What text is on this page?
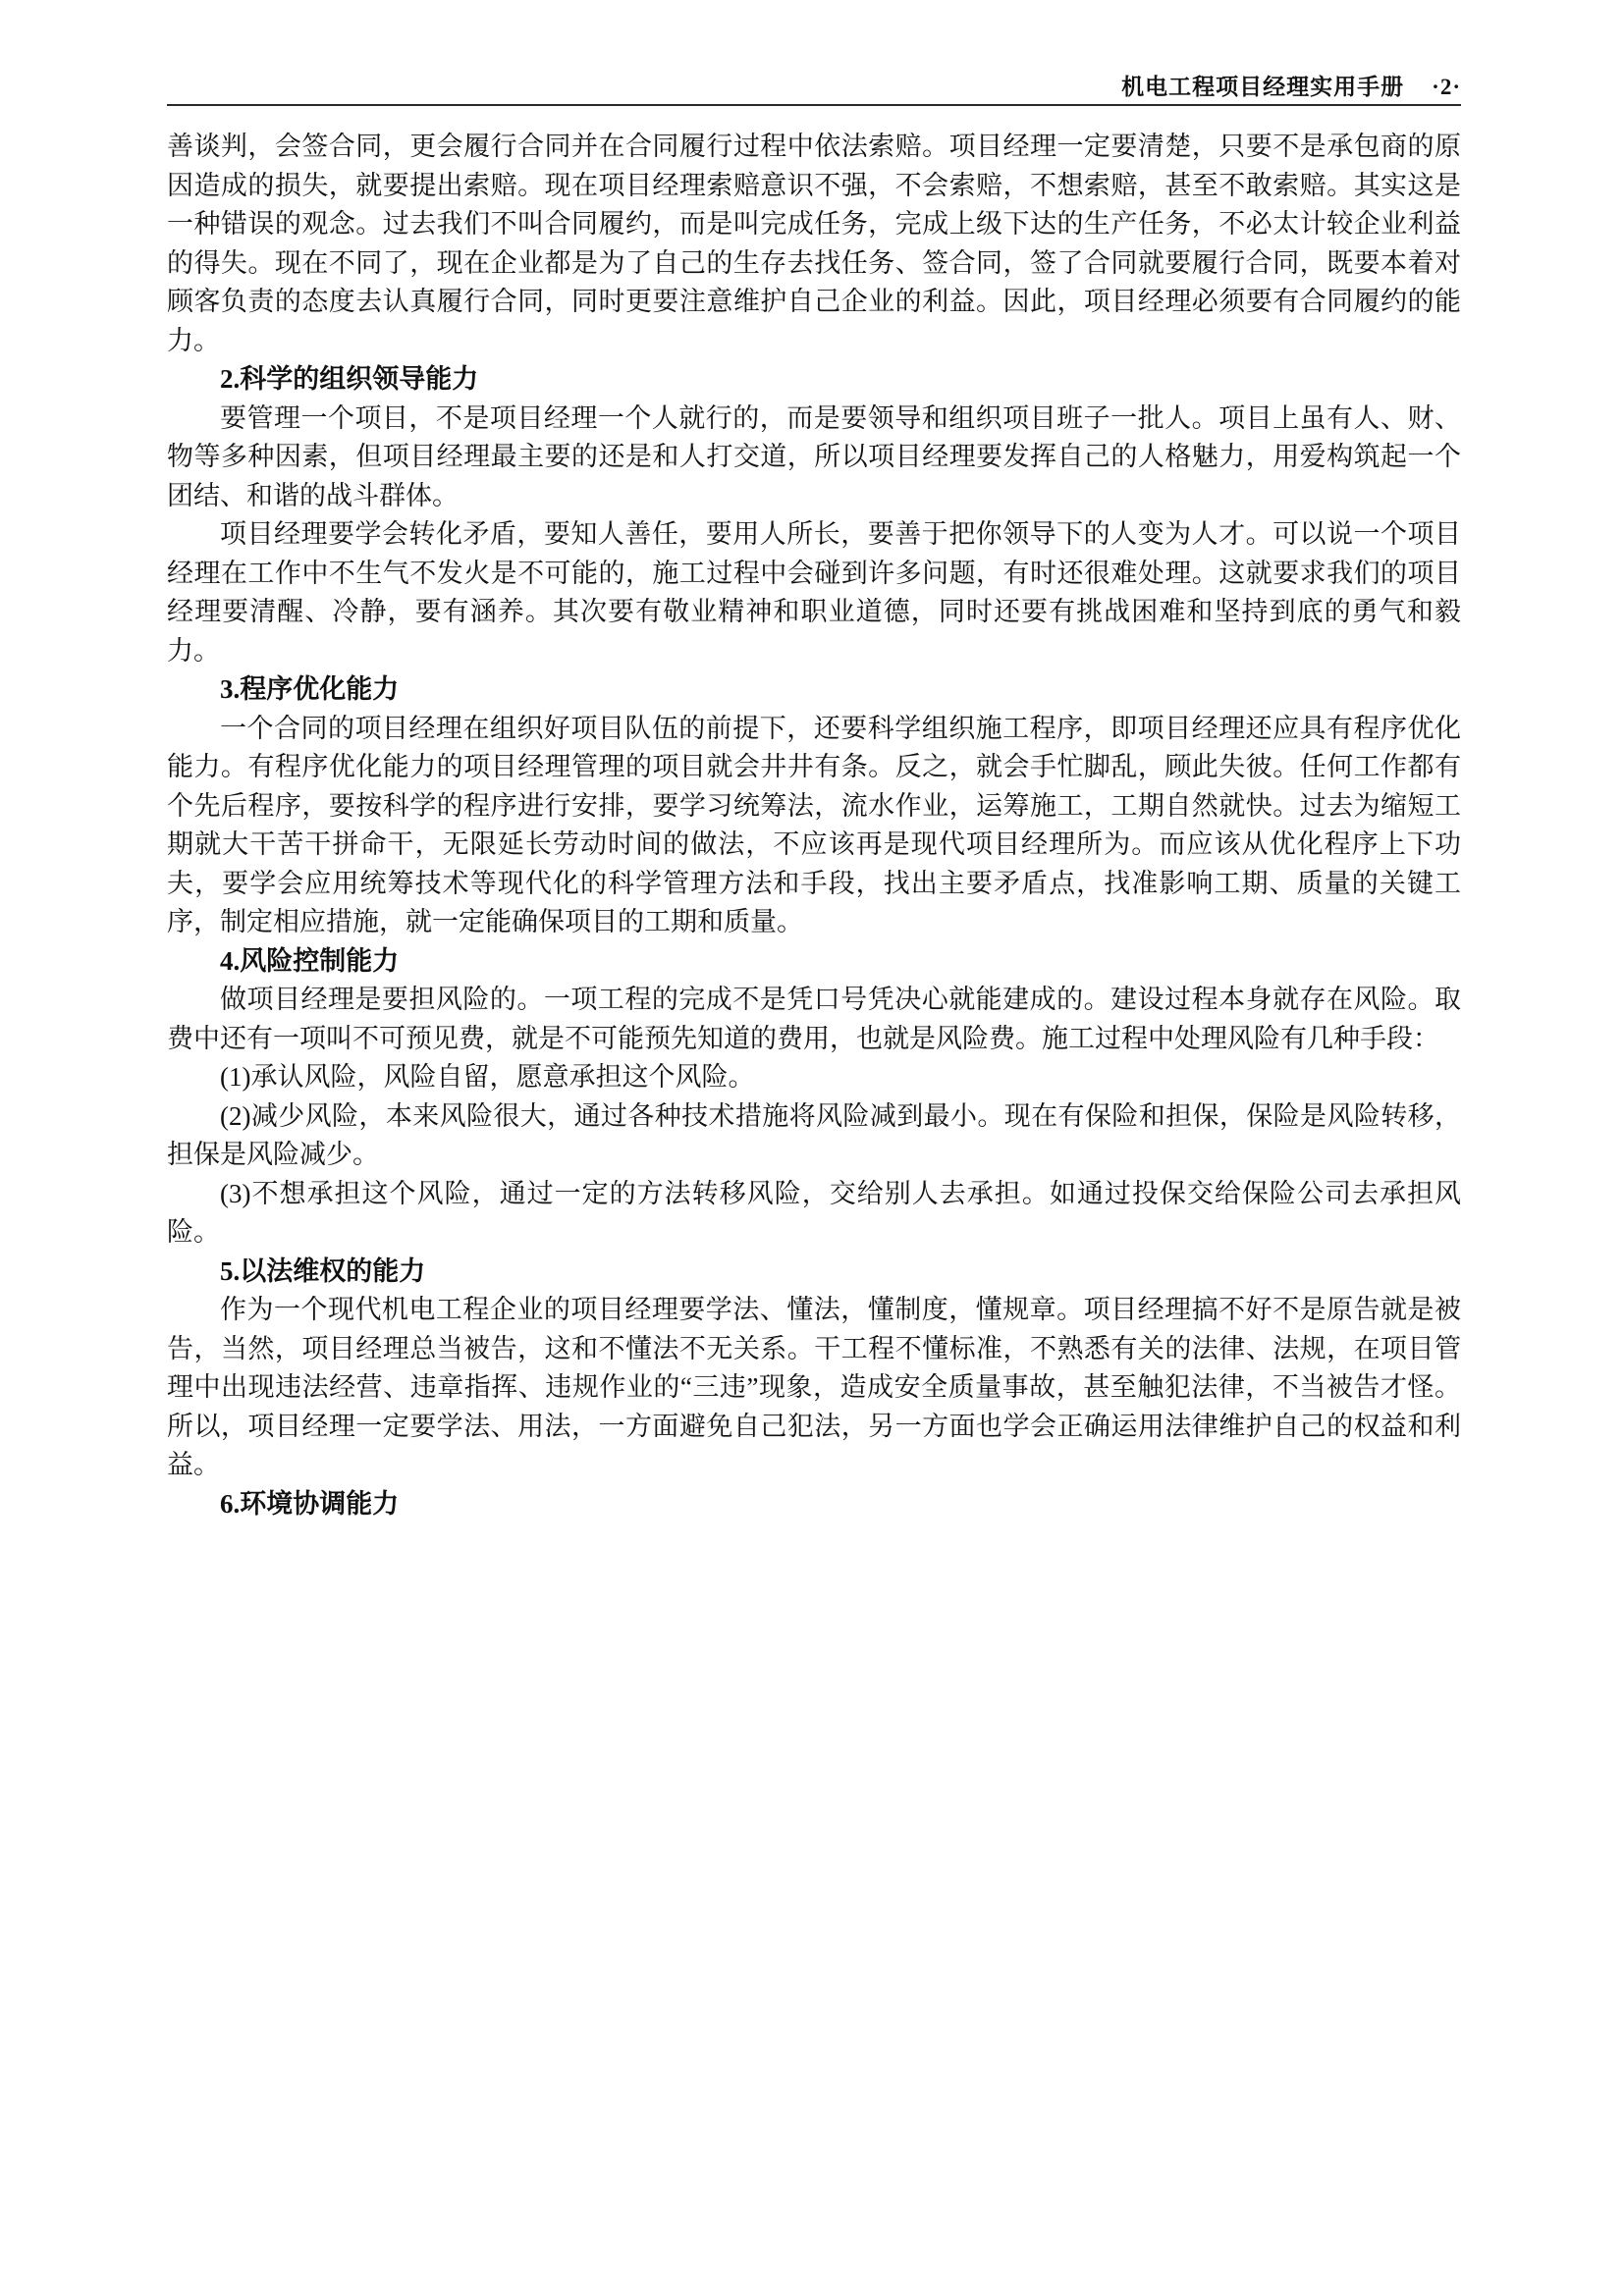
机电工程项目经理实用手册 ·2·

善谈判，会签合同，更会履行合同并在合同履行过程中依法索赔。项目经理一定要清楚，只要不是承包商的原因造成的损失，就要提出索赔。现在项目经理索赔意识不强，不会索赔，不想索赔，甚至不敢索赔。其实这是一种错误的观念。过去我们不叫合同履约，而是叫完成任务，完成上级下达的生产任务，不必太计较企业利益的得失。现在不同了，现在企业都是为了自己的生存去找任务、签合同，签了合同就要履行合同，既要本着对顾客负责的态度去认真履行合同，同时更要注意维护自己企业的利益。因此，项目经理必须要有合同履约的能力。

2.科学的组织领导能力

要管理一个项目，不是项目经理一个人就行的，而是要领导和组织项目班子一批人。项目上虽有人、财、物等多种因素，但项目经理最主要的还是和人打交道，所以项目经理要发挥自己的人格魅力，用爱构筑起一个团结、和谐的战斗群体。

项目经理要学会转化矛盾，要知人善任，要用人所长，要善于把你领导下的人变为人才。可以说一个项目经理在工作中不生气不发火是不可能的，施工过程中会碰到许多问题，有时还很难处理。这就要求我们的项目经理要清醒、冷静，要有涵养。其次要有敬业精神和职业道德，同时还要有挑战困难和坚持到底的勇气和毅力。

3.程序优化能力

一个合同的项目经理在组织好项目队伍的前提下，还要科学组织施工程序，即项目经理还应具有程序优化能力。有程序优化能力的项目经理管理的项目就会井井有条。反之，就会手忙脚乱，顾此失彼。任何工作都有个先后程序，要按科学的程序进行安排，要学习统筹法，流水作业，运筹施工，工期自然就快。过去为缩短工期就大干苦干拼命干，无限延长劳动时间的做法，不应该再是现代项目经理所为。而应该从优化程序上下功夫，要学会应用统筹技术等现代化的科学管理方法和手段，找出主要矛盾点，找准影响工期、质量的关键工序，制定相应措施，就一定能确保项目的工期和质量。

4.风险控制能力

做项目经理是要担风险的。一项工程的完成不是凭口号凭决心就能建成的。建设过程本身就存在风险。取费中还有一项叫不可预见费，就是不可能预先知道的费用，也就是风险费。施工过程中处理风险有几种手段：

(1)承认风险，风险自留，愿意承担这个风险。

(2)减少风险，本来风险很大，通过各种技术措施将风险减到最小。现在有保险和担保，保险是风险转移，担保是风险减少。

(3)不想承担这个风险，通过一定的方法转移风险，交给别人去承担。如通过投保交给保险公司去承担风险。

5.以法维权的能力

作为一个现代机电工程企业的项目经理要学法、懂法，懂制度，懂规章。项目经理搞不好不是原告就是被告，当然，项目经理总当被告，这和不懂法不无关系。干工程不懂标准，不熟悉有关的法律、法规，在项目管理中出现违法经营、违章指挥、违规作业的“三违”现象，造成安全质量事故，甚至触犯法律，不当被告才怪。所以，项目经理一定要学法、用法，一方面避免自己犯法，另一方面也学会正确运用法律维护自己的权益和利益。

6.环境协调能力
